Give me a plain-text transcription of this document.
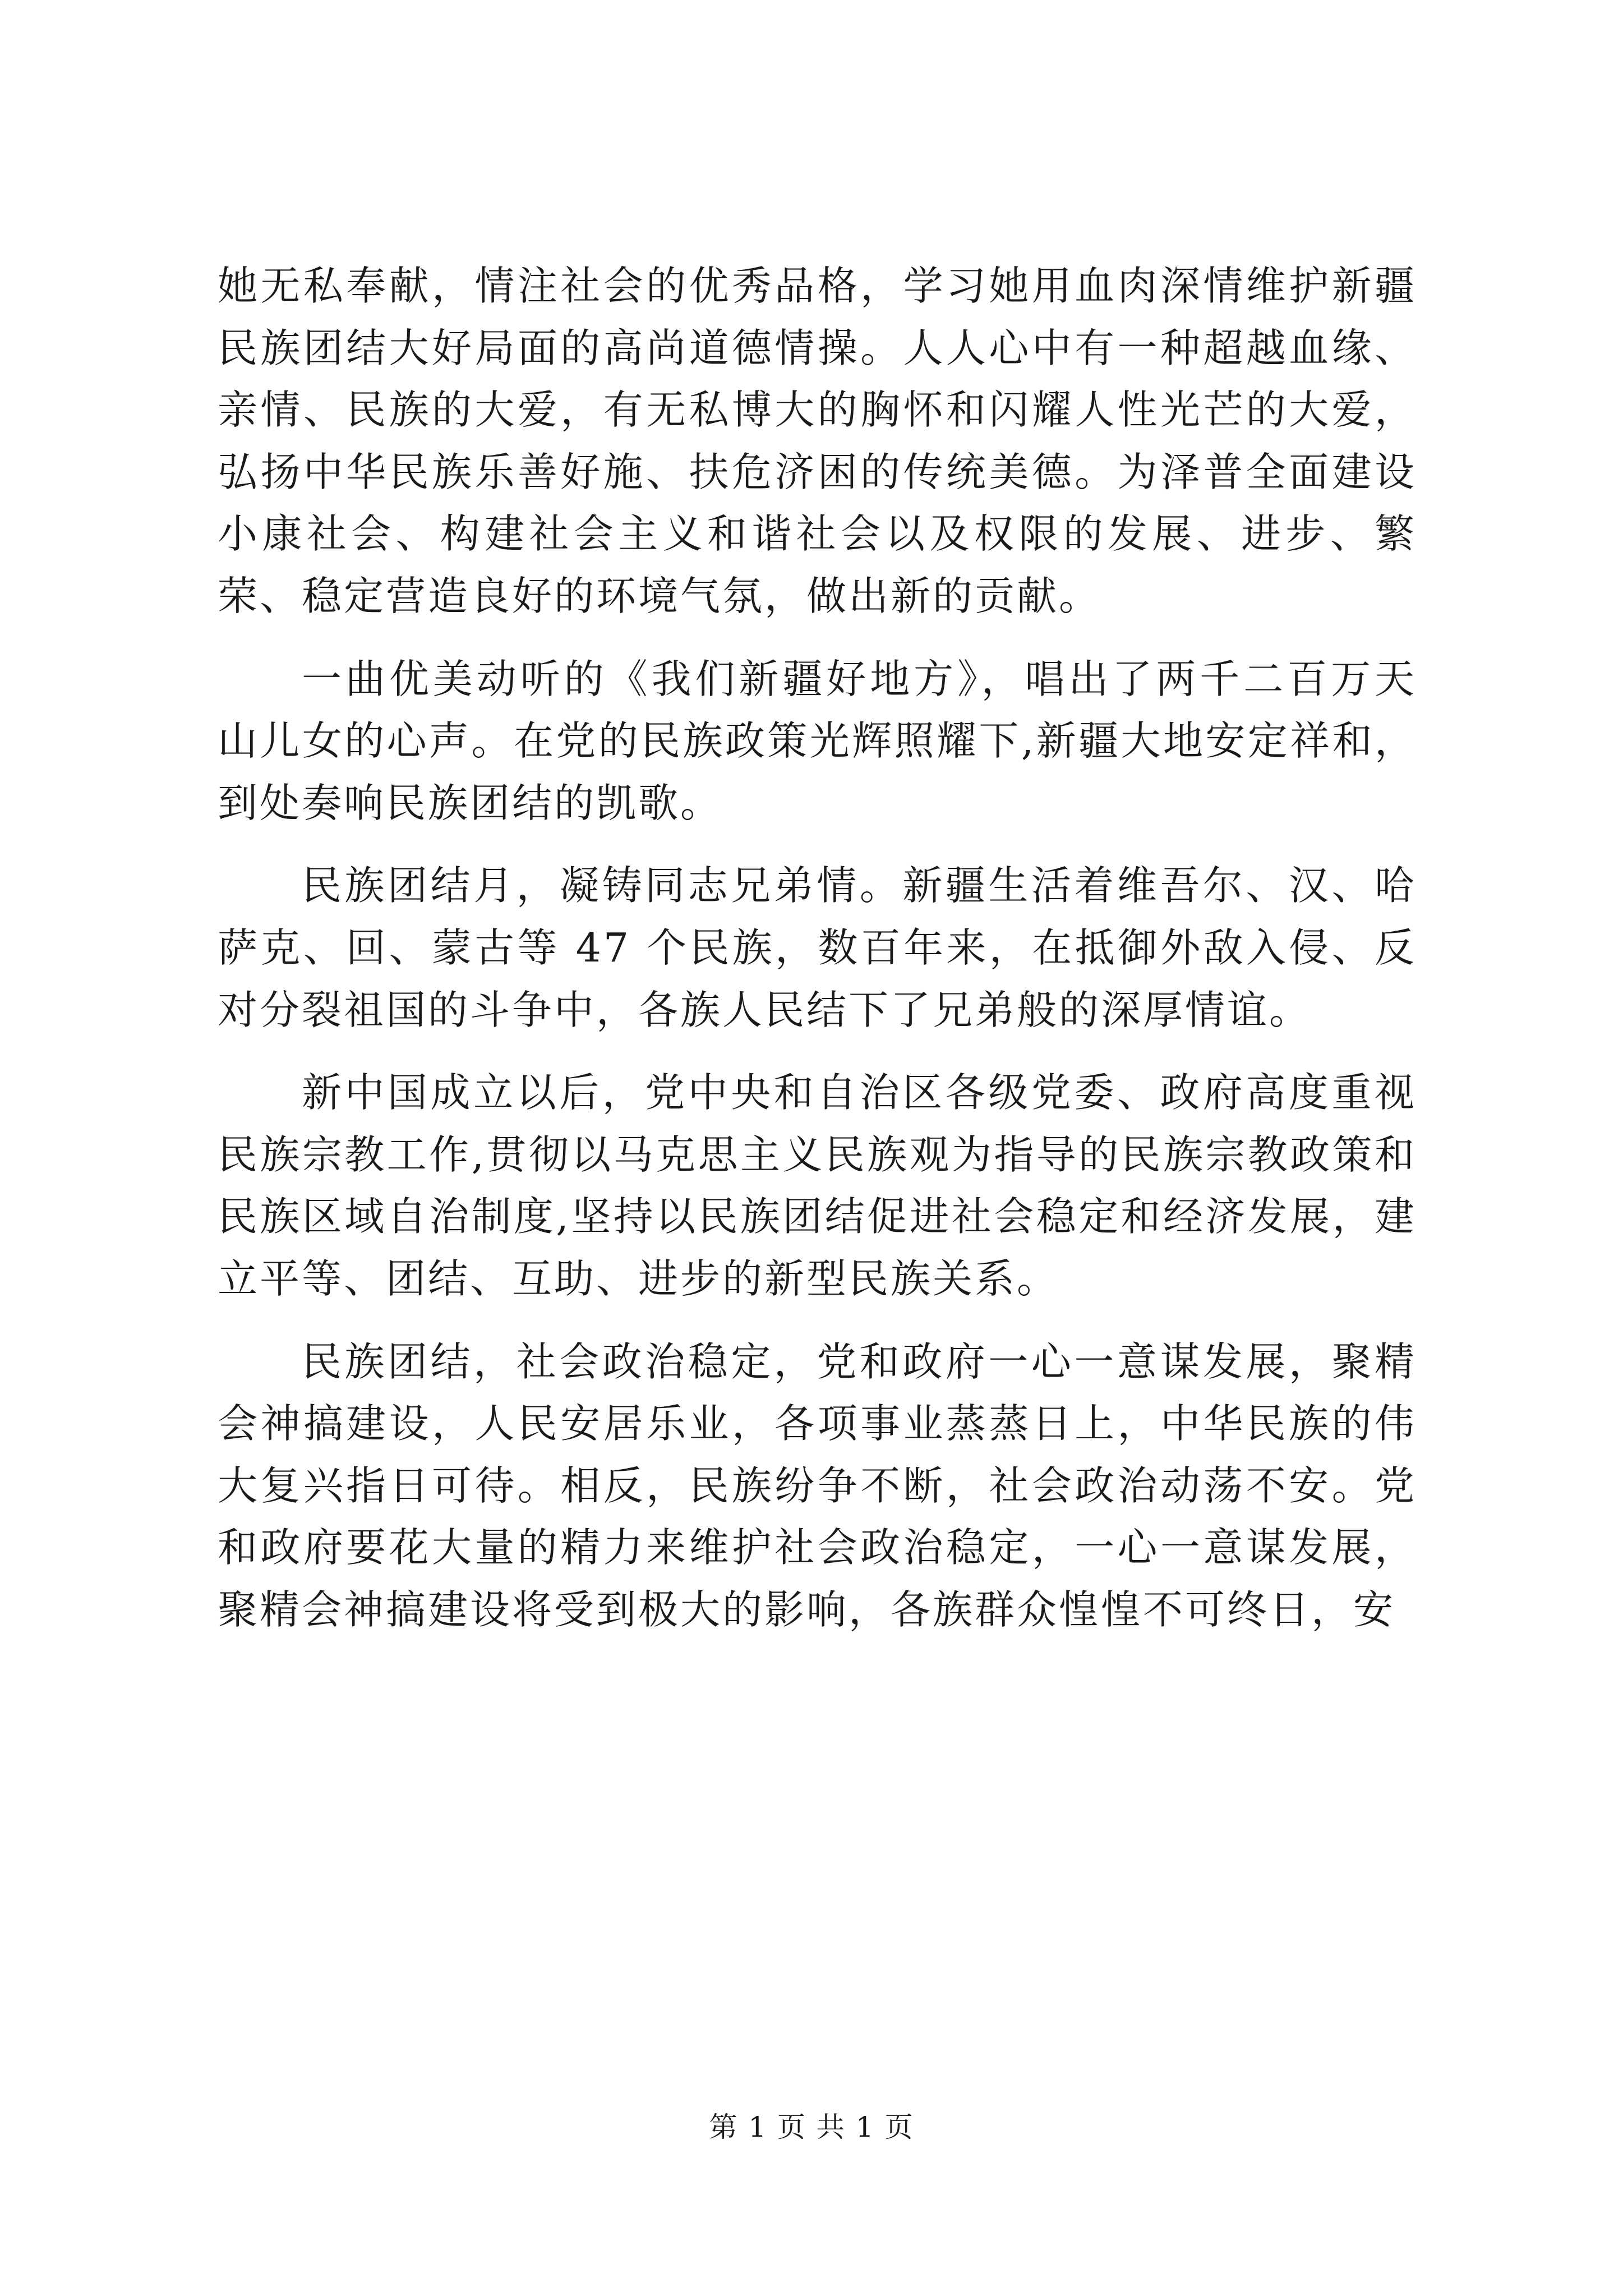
她无私奉献，情注社会的优秀品格，学习她用血肉深情维护新疆民族团结大好局面的高尚道德情操。人人心中有一种超越血缘、亲情、民族的大爱，有无私博大的胸怀和闪耀人性光芒的大爱，弘扬中华民族乐善好施、扶危济困的传统美德。为泽普全面建设小康社会、构建社会主义和谐社会以及权限的发展、进步、繁荣、稳定营造良好的环境气氛，做出新的贡献。

一曲优美动听的《我们新疆好地方》，唱出了两千二百万天山儿女的心声。在党的民族政策光辉照耀下,新疆大地安定祥和，到处奏响民族团结的凯歌。

民族团结月，凝铸同志兄弟情。新疆生活着维吾尔、汉、哈萨克、回、蒙古等 47 个民族，数百年来，在抵御外敌入侵、反对分裂祖国的斗争中，各族人民结下了兄弟般的深厚情谊。

新中国成立以后，党中央和自治区各级党委、政府高度重视民族宗教工作,贯彻以马克思主义民族观为指导的民族宗教政策和民族区域自治制度,坚持以民族团结促进社会稳定和经济发展，建立平等、团结、互助、进步的新型民族关系。

民族团结，社会政治稳定，党和政府一心一意谋发展，聚精会神搞建设，人民安居乐业，各项事业蒸蒸日上，中华民族的伟大复兴指日可待。相反，民族纷争不断，社会政治动荡不安。党和政府要花大量的精力来维护社会政治稳定，一心一意谋发展，聚精会神搞建设将受到极大的影响，各族群众惶惶不可终日，安

第 1 页 共 1 页
